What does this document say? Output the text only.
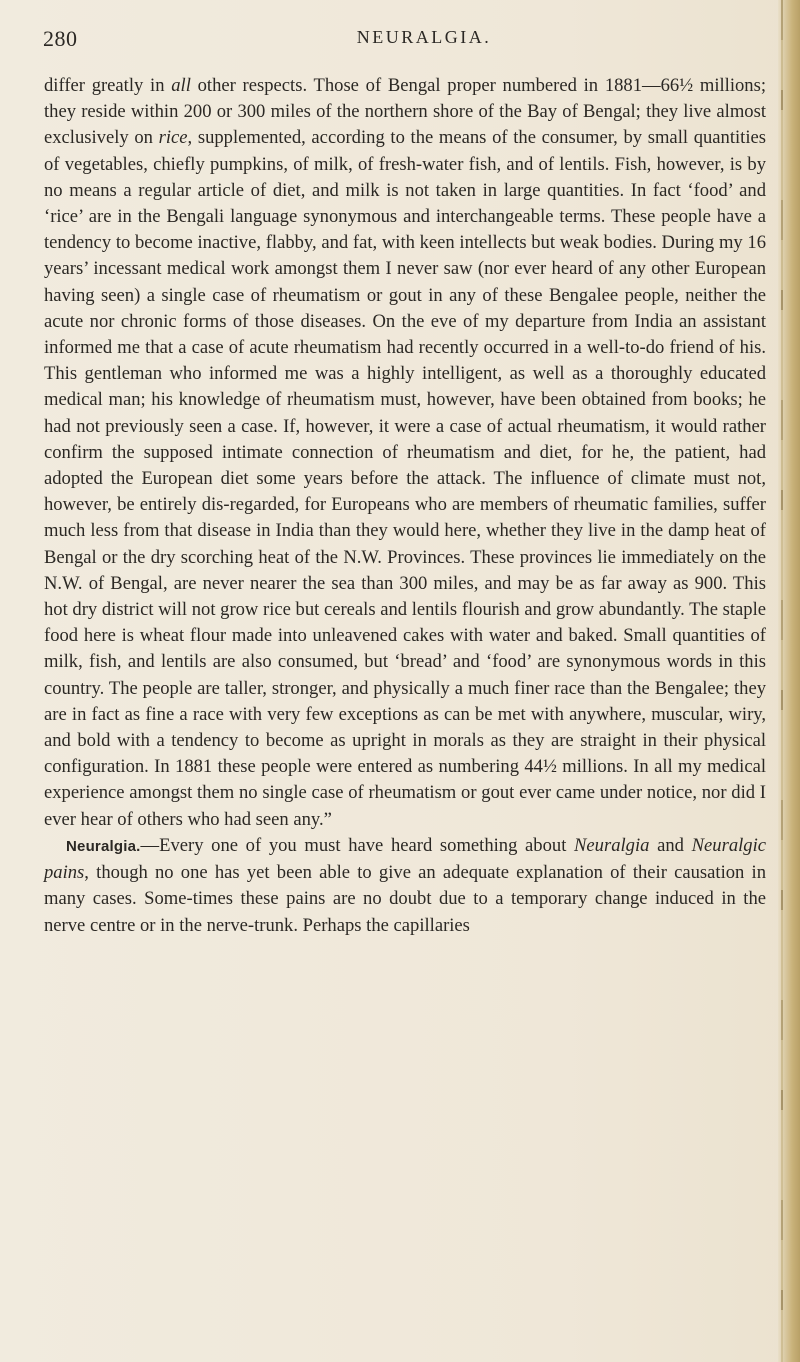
280	NEURALGIA.

differ greatly in all other respects. Those of Bengal proper numbered in 1881—66½ millions; they reside within 200 or 300 miles of the northern shore of the Bay of Bengal; they live almost exclusively on rice, supplemented, according to the means of the consumer, by small quantities of vegetables, chiefly pumpkins, of milk, of fresh-water fish, and of lentils. Fish, however, is by no means a regular article of diet, and milk is not taken in large quantities. In fact ‘food’ and ‘rice’ are in the Bengali language synonymous and interchangeable terms. These people have a tendency to become inactive, flabby, and fat, with keen intellects but weak bodies. During my 16 years’ incessant medical work amongst them I never saw (nor ever heard of any other European having seen) a single case of rheumatism or gout in any of these Bengalee people, neither the acute nor chronic forms of those diseases. On the eve of my departure from India an assistant informed me that a case of acute rheumatism had recently occurred in a well-to-do friend of his. This gentleman who informed me was a highly intelligent, as well as a thoroughly educated medical man; his knowledge of rheumatism must, however, have been obtained from books; he had not previously seen a case. If, however, it were a case of actual rheumatism, it would rather confirm the supposed intimate connection of rheumatism and diet, for he, the patient, had adopted the European diet some years before the attack. The influence of climate must not, however, be entirely dis-regarded, for Europeans who are members of rheumatic families, suffer much less from that disease in India than they would here, whether they live in the damp heat of Bengal or the dry scorching heat of the N.W. Provinces. These provinces lie immediately on the N.W. of Bengal, are never nearer the sea than 300 miles, and may be as far away as 900. This hot dry district will not grow rice but cereals and lentils flourish and grow abundantly. The staple food here is wheat flour made into unleavened cakes with water and baked. Small quantities of milk, fish, and lentils are also consumed, but ‘bread’ and ‘food’ are synonymous words in this country. The people are taller, stronger, and physically a much finer race than the Bengalee; they are in fact as fine a race with very few exceptions as can be met with anywhere, muscular, wiry, and bold with a tendency to become as upright in morals as they are straight in their physical configuration. In 1881 these people were entered as numbering 44½ millions. In all my medical experience amongst them no single case of rheumatism or gout ever came under notice, nor did I ever hear of others who had seen any.”

Neuralgia.—Every one of you must have heard something about Neuralgia and Neuralgic pains, though no one has yet been able to give an adequate explanation of their causation in many cases. Some-times these pains are no doubt due to a temporary change induced in the nerve centre or in the nerve-trunk. Perhaps the capillaries
